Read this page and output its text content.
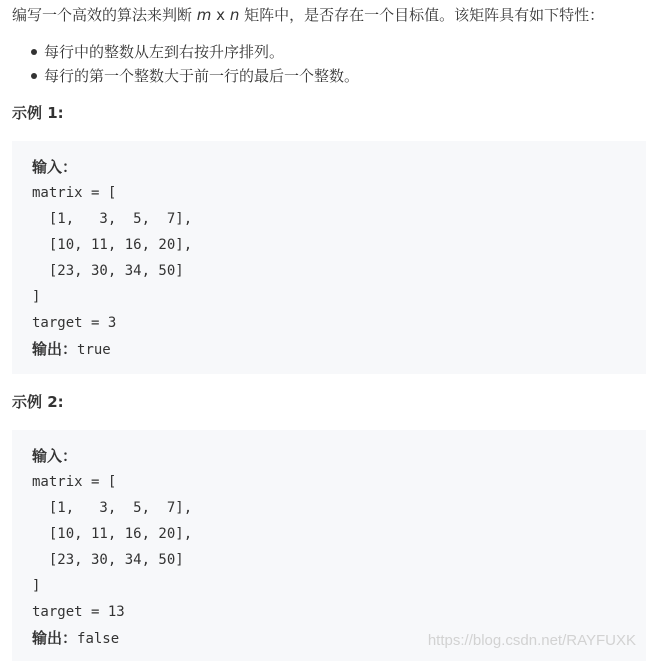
编写一个高效的算法来判断 m x n 矩阵中，是否存在一个目标值。该矩阵具有如下特性：
每行中的整数从左到右按升序排列。
每行的第一个整数大于前一行的最后一个整数。
示例 1:
输入：
matrix = [
[1,   3,  5,  7],
[10, 11, 16, 20],
[23, 30, 34, 50]
]
target = 3
输出：true
示例 2:
输入：
matrix = [
[1,   3,  5,  7],
[10, 11, 16, 20],
[23, 30, 34, 50]
]
target = 13
输出：false	https://blog.csdn.net/RAYFUXK
